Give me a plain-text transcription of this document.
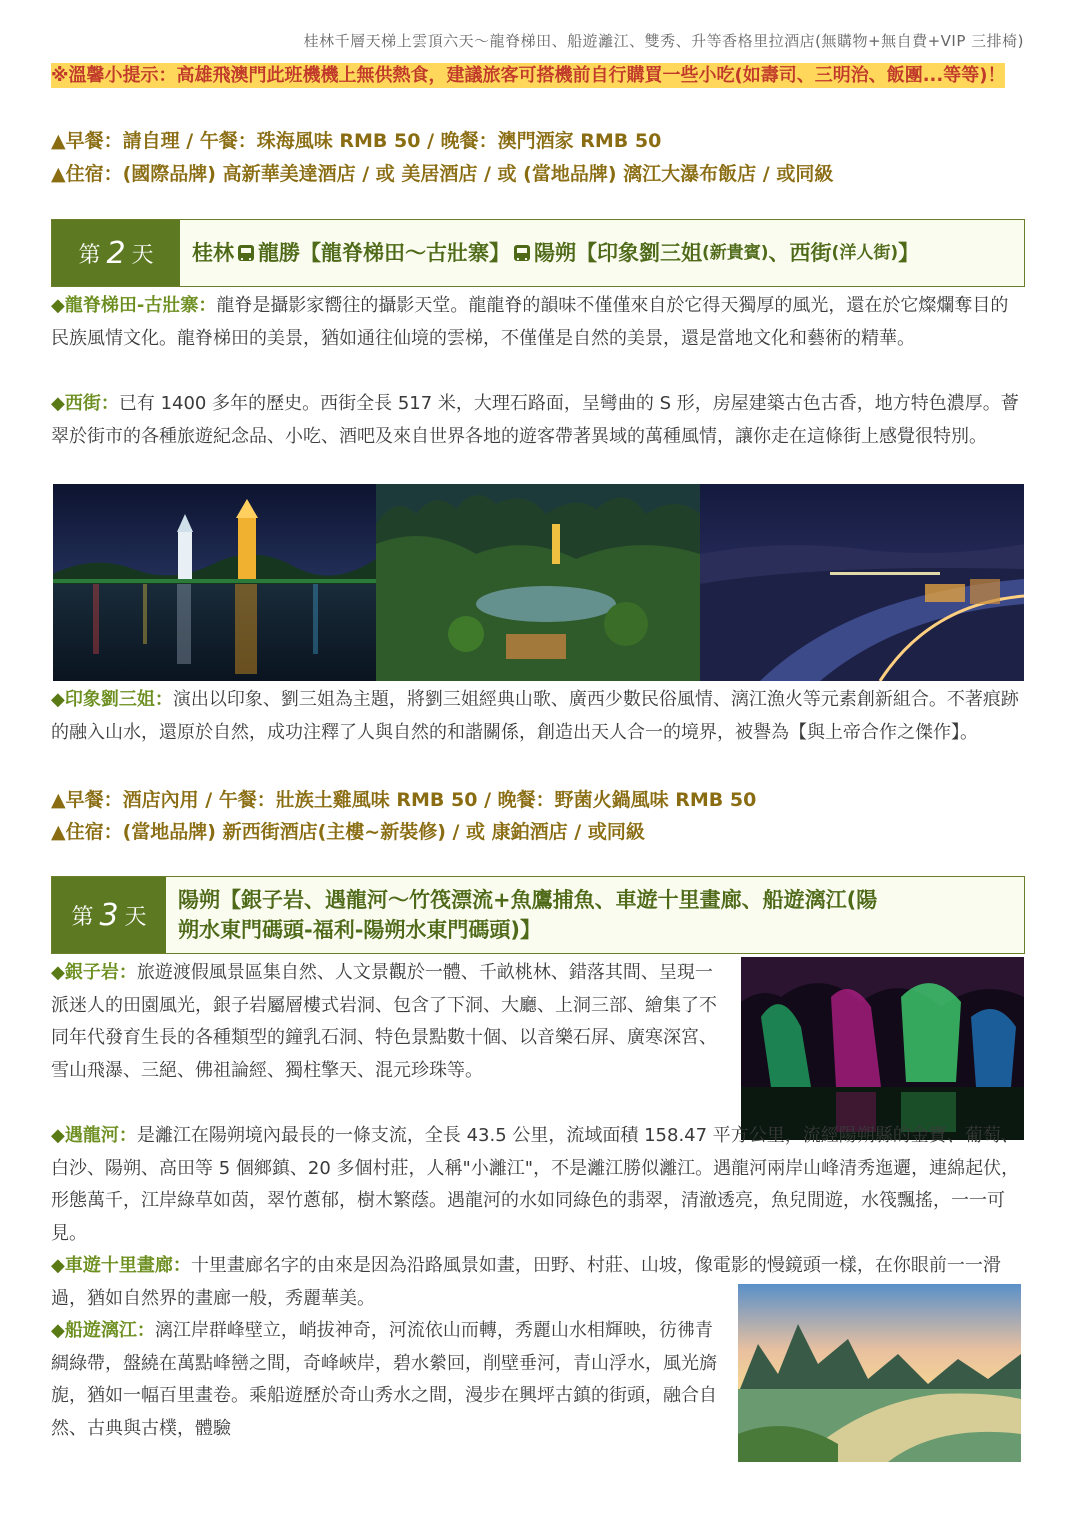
桂林千層天梯上雲頂六天～龍脊梯田、船遊灕江、雙秀、升等香格里拉酒店(無購物+無自費+VIP 三排椅)
※溫馨小提示：高雄飛澳門此班機機上無供熱食，建議旅客可搭機前自行購買一些小吃(如壽司、三明治、飯團...等等)！
▲早餐：請自理 / 午餐：珠海風味 RMB 50 / 晚餐：澳門酒家 RMB 50
▲住宿：(國際品牌) 高新華美達酒店 / 或 美居酒店 / 或 (當地品牌) 漓江大瀑布飯店 / 或同級
第 2 天 桂林 龍勝【龍脊梯田～古壯寨】 陽朔【印象劉三姐 (新貴賓) 、西街 (洋人街) 】
◆龍脊梯田-古壯寨：龍脊是攝影家嚮往的攝影天堂。龍龍脊的韻味不僅僅來自於它得天獨厚的風光，還在於它燦爛奪目的民族風情文化。龍脊梯田的美景，猶如通往仙境的雲梯，不僅僅是自然的美景，還是當地文化和藝術的精華。
◆西街：已有 1400 多年的歷史。西街全長 517 米，大理石路面，呈彎曲的 S 形，房屋建築古色古香，地方特色濃厚。薈翠於街市的各種旅遊紀念品、小吃、酒吧及來自世界各地的遊客帶著異域的萬種風情，讓你走在這條街上感覺很特別。
◆印象劉三姐：演出以印象、劉三姐為主題，將劉三姐經典山歌、廣西少數民俗風情、漓江漁火等元素創新組合。不著痕跡的融入山水，還原於自然，成功注釋了人與自然的和諧關係，創造出天人合一的境界，被譽為【與上帝合作之傑作】。
▲早餐：酒店內用 / 午餐：壯族土雞風味 RMB 50 / 晚餐：野菌火鍋風味 RMB 50
▲住宿：(當地品牌) 新西街酒店(主樓~新裝修) / 或 康鉑酒店 / 或同級
第 3 天
陽朔【銀子岩、遇龍河～竹筏漂流+魚鷹捕魚、車遊十里畫廊、船遊漓江(陽
朔水東門碼頭-福利-陽朔水東門碼頭)】
◆銀子岩：旅遊渡假風景區集自然、人文景觀於一體、千畝桃林、錯落其間、呈現一派迷人的田園風光，銀子岩屬層樓式岩洞、包含了下洞、大廳、上洞三部、繪集了不同年代發育生長的各種類型的鐘乳石洞、特色景點數十個、以音樂石屏、廣寒深宮、雪山飛瀑、三絕、佛祖論經、獨柱擎天、混元珍珠等。
◆遇龍河：是灕江在陽朔境內最長的一條支流，全長 43.5 公里，流域面積 158.47 平方公里，流經陽朔縣的金寶、葡萄、白沙、陽朔、高田等 5 個鄉鎮、20 多個村莊，人稱"小灕江"，不是灕江勝似灕江。遇龍河兩岸山峰清秀迤邐，連綿起伏，形態萬千，江岸綠草如茵，翠竹蔥郁，樹木繁蔭。遇龍河的水如同綠色的翡翠，清澈透亮，魚兒閒遊，水筏飄搖，一一可見。
◆車遊十里畫廊：十里畫廊名字的由來是因為沿路風景如畫，田野、村莊、山坡，像電影的慢鏡頭一樣，在你眼前一一滑過，猶如自然界的畫廊一般，秀麗華美。
◆船遊漓江：漓江岸群峰壁立，峭拔神奇，河流依山而轉，秀麗山水相輝映，彷彿青綢綠帶，盤繞在萬點峰巒之間，奇峰峽岸，碧水縈回，削壁垂河，青山浮水，風光旖旎，猶如一幅百里畫卷。乘船遊歷於奇山秀水之間，漫步在興坪古鎮的街頭，融合自然、古典與古樸，體驗
